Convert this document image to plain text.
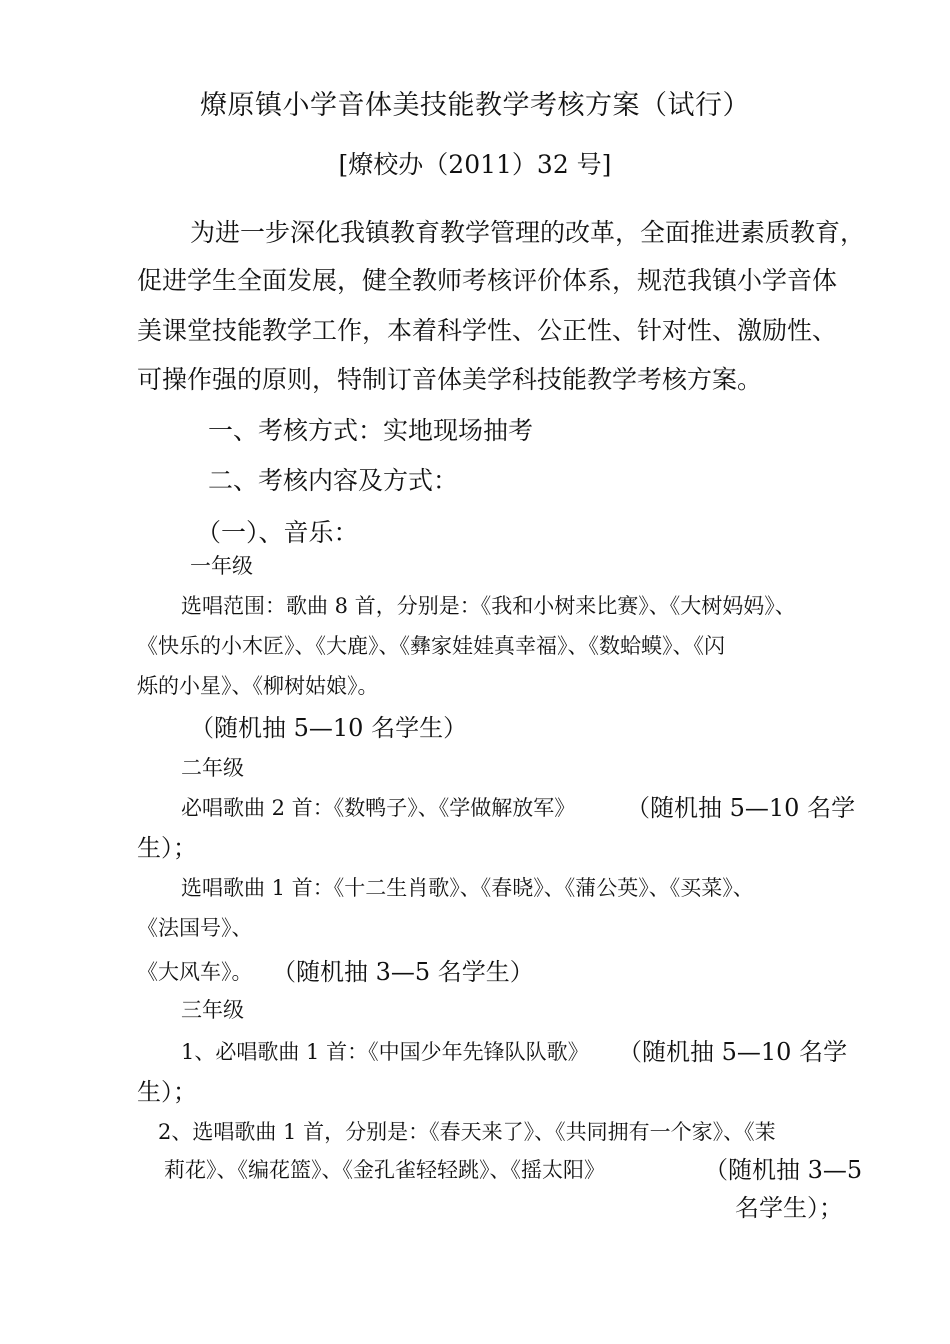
燎原镇小学音体美技能教学考核方案（试行）
[燎校办（2011）32 号]
为进一步深化我镇教育教学管理的改革，全面推进素质教育，
促进学生全面发展，健全教师考核评价体系，规范我镇小学音体
美课堂技能教学工作，本着科学性、公正性、针对性、激励性、
可操作强的原则，特制订音体美学科技能教学考核方案。
一、考核方式：实地现场抽考
二、考核内容及方式：
（一）、音乐：
一年级
选唱范围：歌曲 8 首，分别是：《我和小树来比赛》、《大树妈妈》、
《快乐的小木匠》、《大鹿》、《彝家娃娃真幸福》、《数蛤蟆》、《闪
烁的小星》、《柳树姑娘》。
（随机抽 5—10 名学生）
二年级
必唱歌曲 2 首：《数鸭子》、《学做解放军》 （随机抽 5—10 名学
生）；
选唱歌曲 1 首：《十二生肖歌》、《春晓》、《蒲公英》、《买菜》、
《法国号》、
《大风车》。 （随机抽 3—5 名学生）
三年级
1、必唱歌曲 1 首：《中国少年先锋队队歌》 （随机抽 5—10 名学
生）；
2、选唱歌曲 1 首，分别是：《春天来了》、《共同拥有一个家》、《茉
莉花》、《编花篮》、《金孔雀轻轻跳》、《摇太阳》	（随机抽 3—5
名学生）；
